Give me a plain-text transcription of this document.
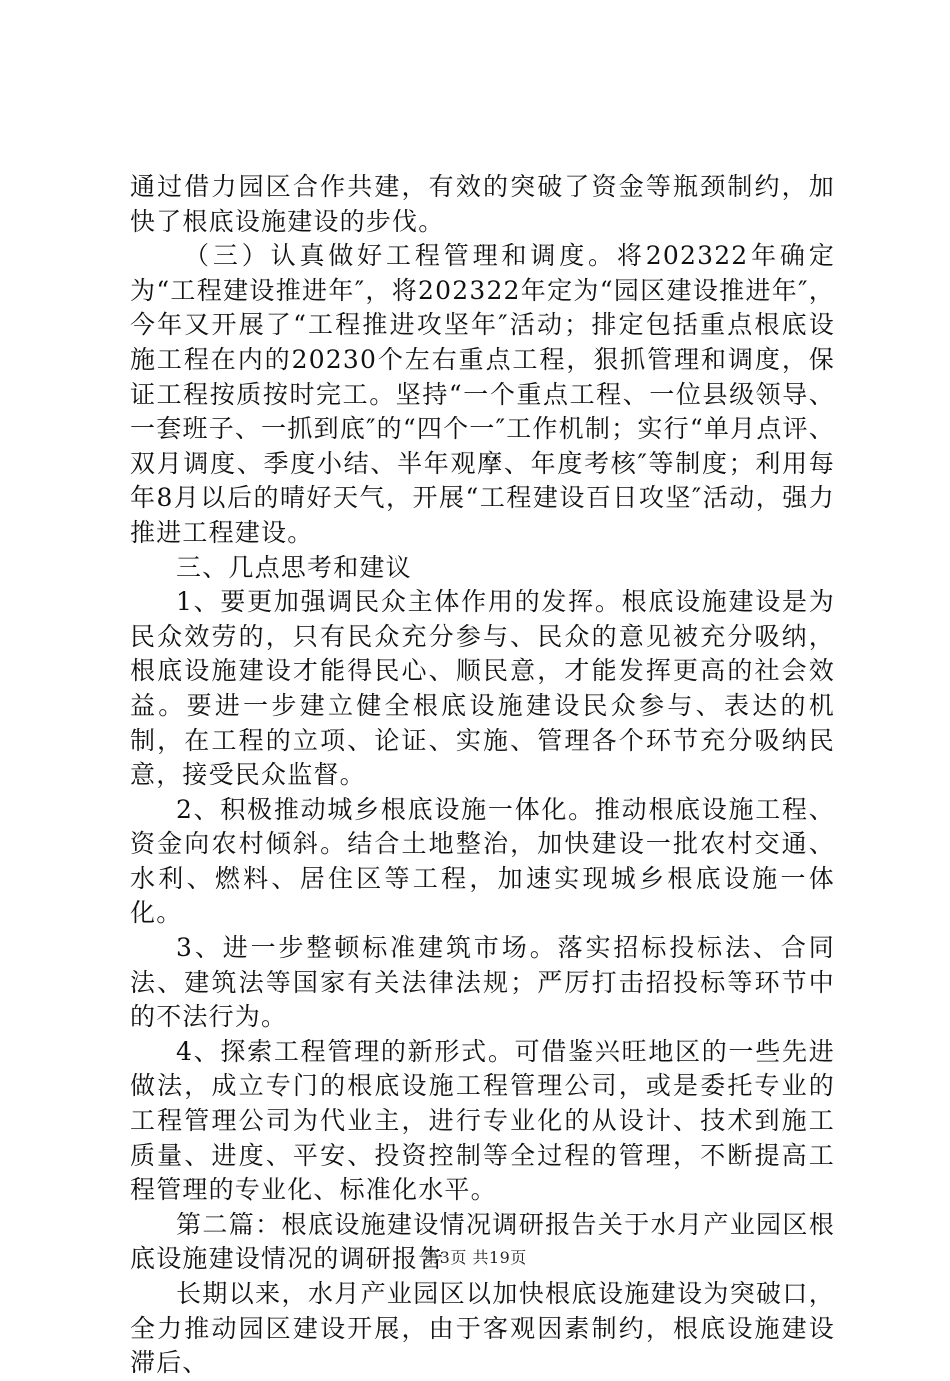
通过借力园区合作共建，有效的突破了资金等瓶颈制约，加快了根底设施建设的步伐。

（三）认真做好工程管理和调度。将202322年确定为“工程建设推进年″，将202322年定为“园区建设推进年″，今年又开展了“工程推进攻坚年″活动；排定包括重点根底设施工程在内的20230个左右重点工程，狠抓管理和调度，保证工程按质按时完工。坚持“一个重点工程、一位县级领导、一套班子、一抓到底″的“四个一″工作机制；实行“单月点评、双月调度、季度小结、半年观摩、年度考核″等制度；利用每年8月以后的晴好天气，开展“工程建设百日攻坚″活动，强力推进工程建设。

三、几点思考和建议

1、要更加强调民众主体作用的发挥。根底设施建设是为民众效劳的，只有民众充分参与、民众的意见被充分吸纳，根底设施建设才能得民心、顺民意，才能发挥更高的社会效益。要进一步建立健全根底设施建设民众参与、表达的机制，在工程的立项、论证、实施、管理各个环节充分吸纳民意，接受民众监督。

2、积极推动城乡根底设施一体化。推动根底设施工程、资金向农村倾斜。结合土地整治，加快建设一批农村交通、水利、燃料、居住区等工程，加速实现城乡根底设施一体化。

3、进一步整顿标准建筑市场。落实招标投标法、合同法、建筑法等国家有关法律法规；严厉打击招投标等环节中的不法行为。

4、探索工程管理的新形式。可借鉴兴旺地区的一些先进做法，成立专门的根底设施工程管理公司，或是委托专业的工程管理公司为代业主，进行专业化的从设计、技术到施工质量、进度、平安、投资控制等全过程的管理，不断提高工程管理的专业化、标准化水平。

第二篇：根底设施建设情况调研报告关于水月产业园区根底设施建设情况的调研报告

长期以来，水月产业园区以加快根底设施建设为突破口，全力推动园区建设开展，由于客观因素制约，根底设施建设滞后、

第3页 共19页
